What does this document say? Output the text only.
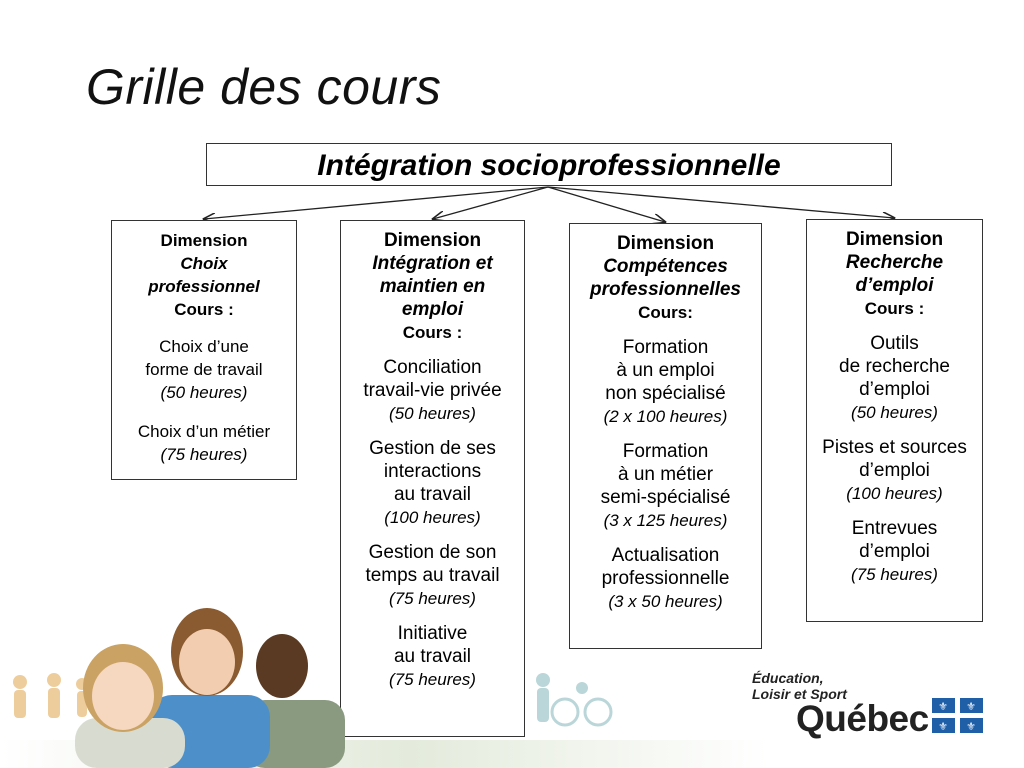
Grille des cours
Intégration socioprofessionnelle
Dimension
Choix
professionnel
Cours :
Choix d’une
forme de travail
(50 heures)
Choix d’un métier
(75 heures)
Dimension
Intégration et
maintien en
emploi
Cours :
Conciliation
travail-vie privée
(50 heures)
Gestion de ses
interactions
au travail
(100 heures)
Gestion de son
temps au travail
(75 heures)
Initiative
au travail
(75 heures)
Dimension
Compétences
professionnelles
Cours:
Formation
à un emploi
non spécialisé
(2 x 100 heures)
Formation
à un métier
semi-spécialisé
(3 x 125 heures)
Actualisation
professionnelle
(3 x 50 heures)
Dimension
Recherche
d’emploi
Cours :
Outils
de recherche
d’emploi
(50 heures)
Pistes et sources
d’emploi
(100 heures)
Entrevues
d’emploi
(75 heures)
Éducation,
Loisir et Sport
Québec ⚜ ⚜
⚜ ⚜
